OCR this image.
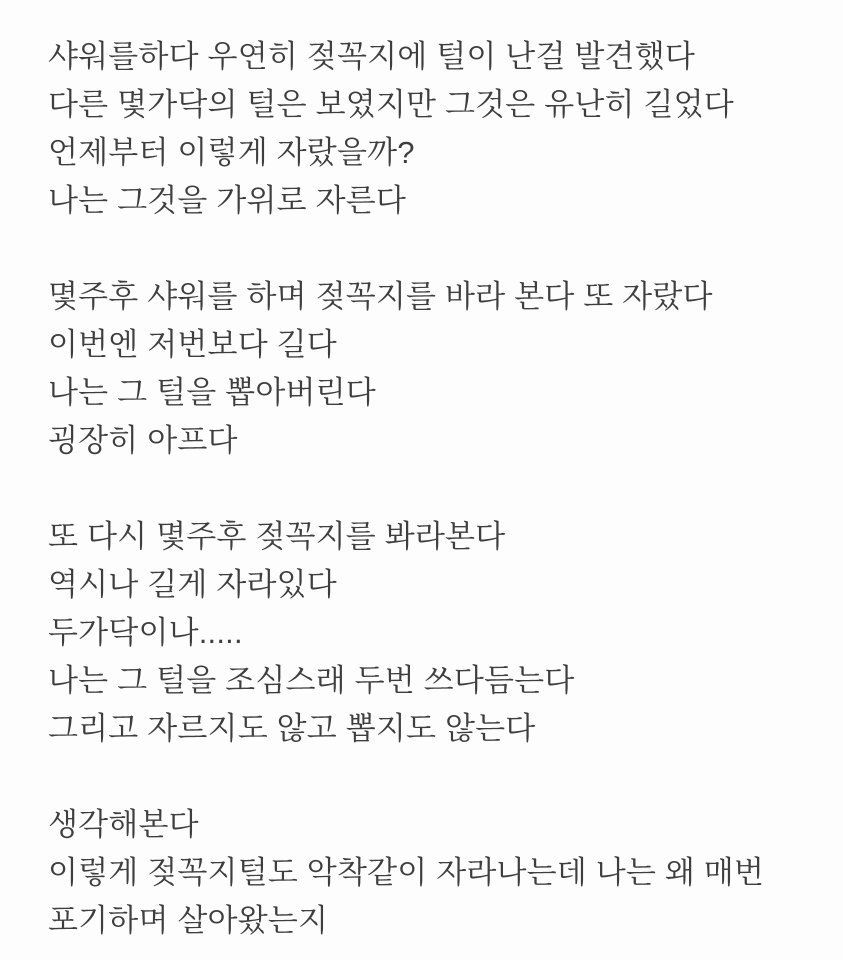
샤워를하다 우연히 젖꼭지에 털이 난걸 발견했다

다른 몇가닥의 털은 보였지만 그것은 유난히 길었다

언제부터 이렇게 자랐을까?

나는 그것을 가위로 자른다

몇주후 샤워를 하며 젖꼭지를 바라 본다 또 자랐다

이번엔 저번보다 길다

나는 그 털을 뽑아버린다

굉장히 아프다

또 다시 몇주후 젖꼭지를 봐라본다

역시나 길게 자라있다

두가닥이나.....

나는 그 털을 조심스래 두번 쓰다듬는다

그리고 자르지도 않고 뽑지도 않는다

생각해본다

이렇게 젖꼭지털도 악착같이 자라나는데 나는 왜 매번

포기하며 살아왔는지
